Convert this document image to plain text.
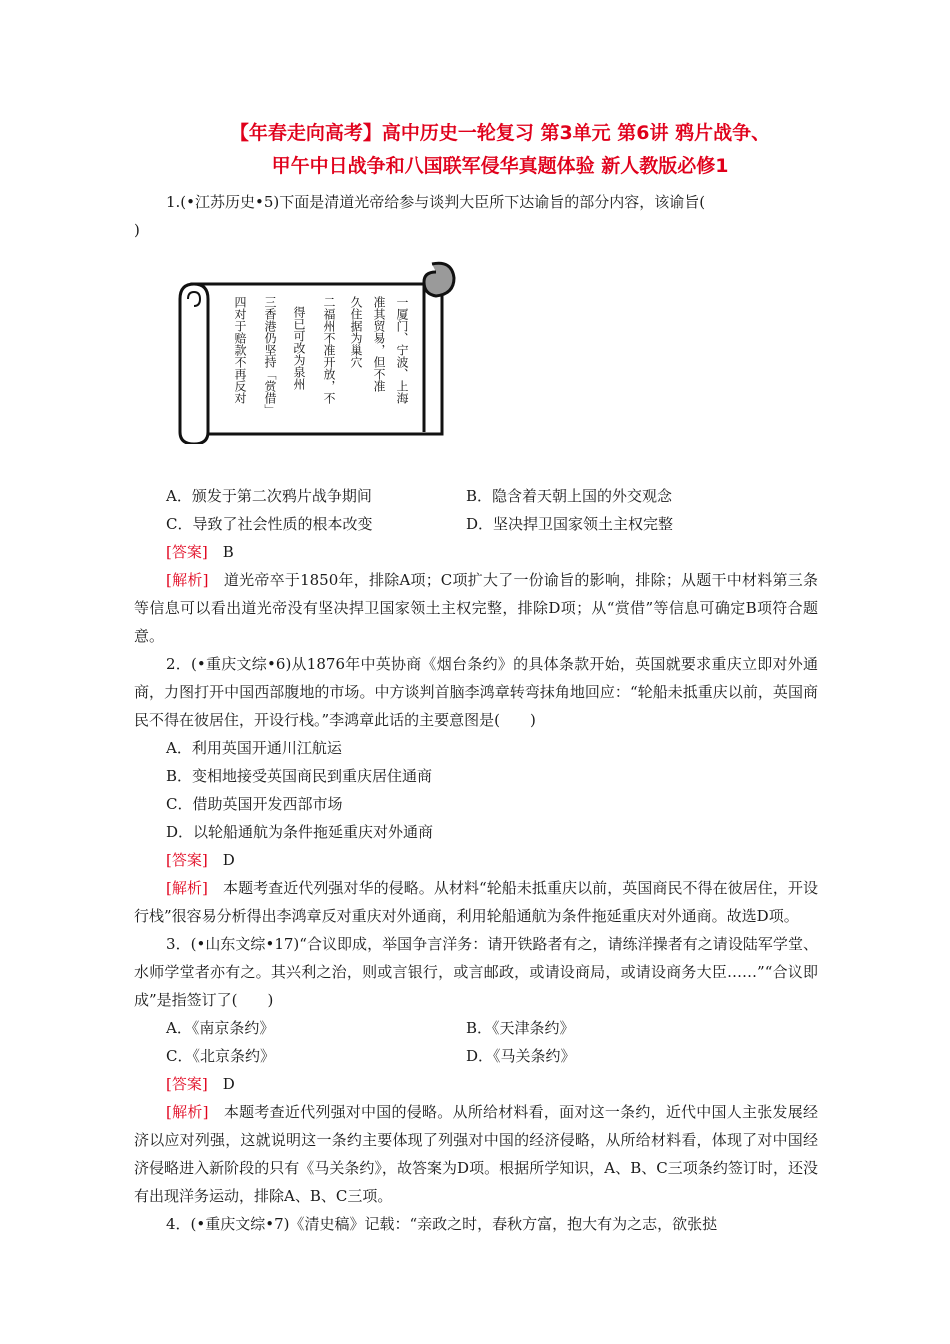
【年春走向高考】高中历史一轮复习 第3单元 第6讲 鸦片战争、
甲午中日战争和八国联军侵华真题体验 新人教版必修1

1.(•江苏历史•5)下面是清道光帝给参与谈判大臣所下达谕旨的部分内容，该谕旨(

)

一厦门、宁波、上海
准其贸易，但不准
久住据为巢穴
二福州不准开放，不
得已可改为泉州
三香港仍坚持「赏借」
四对于赔款不再反对
A．颁发于第二次鸦片战争期间	B．隐含着天朝上国的外交观念
C．导致了社会性质的根本改变	D．坚决捍卫国家领土主权完整

[答案]　 B

[解析]　 道光帝卒于1850年，排除A项；C项扩大了一份谕旨的影响，排除；从题干中材料第三条等信息可以看出道光帝没有坚决捍卫国家领土主权完整，排除D项；从“赏借”等信息可确定B项符合题意。

2．(•重庆文综•6)从1876年中英协商《烟台条约》的具体条款开始，英国就要求重庆立即对外通商，力图打开中国西部腹地的市场。中方谈判首脑李鸿章转弯抹角地回应：“轮船未抵重庆以前，英国商民不得在彼居住，开设行栈。”李鸿章此话的主要意图是(　　)

A．利用英国开通川江航运
B．变相地接受英国商民到重庆居住通商
C．借助英国开发西部市场
D．以轮船通航为条件拖延重庆对外通商

[答案]　 D

[解析]　 本题考查近代列强对华的侵略。从材料“轮船未抵重庆以前，英国商民不得在彼居住，开设行栈”很容易分析得出李鸿章反对重庆对外通商，利用轮船通航为条件拖延重庆对外通商。故选D项。

3．(•山东文综•17)“合议即成，举国争言洋务：请开铁路者有之，请练洋操者有之请设陆军学堂、水师学堂者亦有之。其兴利之治，则或言银行，或言邮政，或请设商局，或请设商务大臣……”“合议即成”是指签订了(　　)

A．《南京条约》	B．《天津条约》
C．《北京条约》	D．《马关条约》

[答案]　 D

[解析]　 本题考查近代列强对中国的侵略。从所给材料看，面对这一条约，近代中国人主张发展经济以应对列强，这就说明这一条约主要体现了列强对中国的经济侵略，从所给材料看，体现了对中国经济侵略进入新阶段的只有《马关条约》，故答案为D项。根据所学知识，A、B、C三项条约签订时，还没有出现洋务运动，排除A、B、C三项。

4．(•重庆文综•7)《清史稿》记载：“亲政之时，春秋方富，抱大有为之志，欲张挞
